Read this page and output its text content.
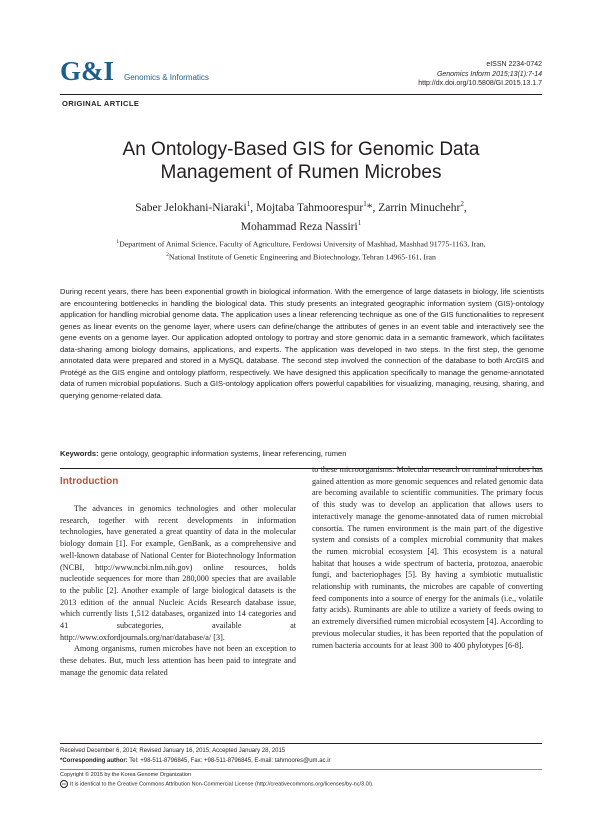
G&I Genomics & Informatics
eISSN 2234-0742
Genomics Inform 2015;13(1):7-14
http://dx.doi.org/10.5808/GI.2015.13.1.7
ORIGINAL ARTICLE
An Ontology-Based GIS for Genomic Data
Management of Rumen Microbes
Saber Jelokhani-Niaraki$^1$, Mojtaba Tahmoorespur$^1$*, Zarrin Minuchehr$^2$,
Mohammad Reza Nassiri$^1$
$^1$Department of Animal Science, Faculty of Agriculture, Ferdowsi University of Mashhad, Mashhad 91775-1163, Iran,
$^2$National Institute of Genetic Engineering and Biotechnology, Tehran 14965-161, Iran
During recent years, there has been exponential growth in biological information. With the emergence of large datasets in biology, life scientists are encountering bottlenecks in handling the biological data. This study presents an integrated geographic information system (GIS)-ontology application for handling microbial genome data. The application uses a linear referencing technique as one of the GIS functionalities to represent genes as linear events on the genome layer, where users can define/change the attributes of genes in an event table and interactively see the gene events on a genome layer. Our application adopted ontology to portray and store genomic data in a semantic framework, which facilitates data-sharing among biology domains, applications, and experts. The application was developed in two steps. In the first step, the genome annotated data were prepared and stored in a MySQL database. The second step involved the connection of the database to both ArcGIS and Protégé as the GIS engine and ontology platform, respectively. We have designed this application specifically to manage the genome-annotated data of rumen microbial populations. Such a GIS-ontology application offers powerful capabilities for visualizing, managing, reusing, sharing, and querying genome-related data.
Keywords: gene ontology, geographic information systems, linear referencing, rumen
Introduction

The advances in genomics technologies and other molecular research, together with recent developments in information technologies, have generated a great quantity of data in the molecular biology domain [1]. For example, GenBank, as a comprehensive and well-known database of National Center for Biotechnology Information (NCBI, http://www.ncbi.nlm.nih.gov) online resources, holds nucleotide sequences for more than 280,000 species that are available to the public [2]. Another example of large biological datasets is the 2013 edition of the annual Nucleic Acids Research database issue, which currently lists 1,512 databases, organized into 14 categories and 41 subcategories, available at http://www.oxfordjournals.org/nar/database/a/ [3].

Among organisms, rumen microbes have not been an exception to these debates. But, much less attention has been paid to integrate and manage the genomic data related

to these microorganisms. Molecular research on ruminal microbes has gained attention as more genomic sequences and related genomic data are becoming available to scientific communities. The primary focus of this study was to develop an application that allows users to interactively manage the genome-annotated data of rumen microbial consortia. The rumen environment is the main part of the digestive system and consists of a complex microbial community that makes the rumen microbial ecosystem [4]. This ecosystem is a natural habitat that houses a wide spectrum of bacteria, protozoa, anaerobic fungi, and bacteriophages [5]. By having a symbiotic mutualistic relationship with ruminants, the microbes are capable of converting feed components into a source of energy for the animals (i.e., volatile fatty acids). Ruminants are able to utilize a variety of feeds owing to an extremely diversified rumen microbial ecosystem [4]. According to previous molecular studies, it has been reported that the population of rumen bacteria accounts for at least 300 to 400 phylotypes [6-8].

Received December 6, 2014; Revised January 16, 2015; Accepted January 28, 2015
*Corresponding author: Tel: +98-511-8796845, Fax: +98-511-8796845, E-mail: tahmoores@um.ac.ir
Copyright © 2015 by the Korea Genome Organization
cc It is identical to the Creative Commons Attribution Non-Commercial License (http://creativecommons.org/licenses/by-nc/3.0/).
